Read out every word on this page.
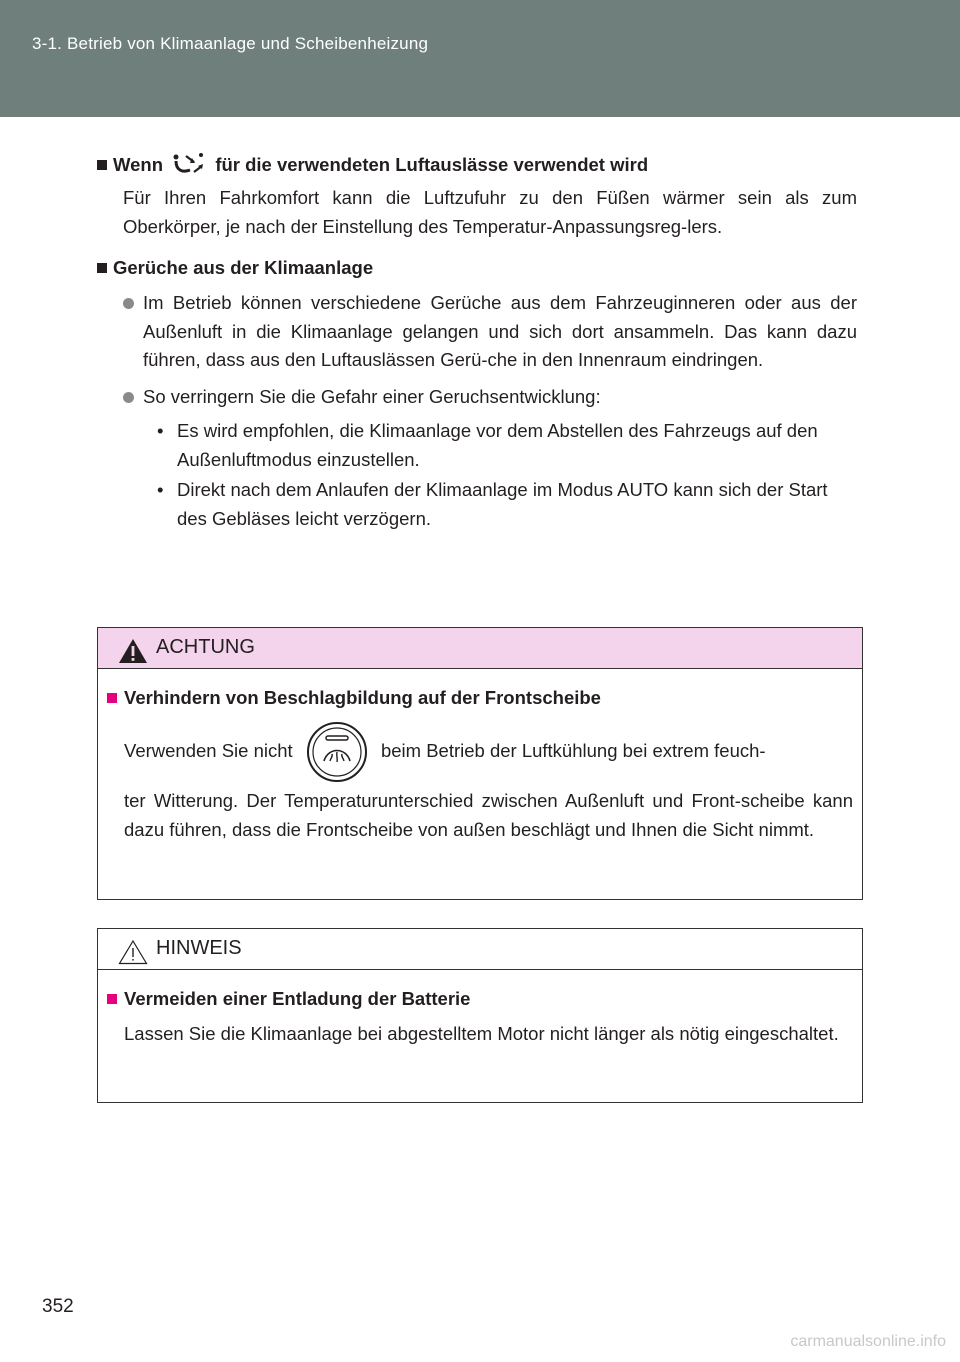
3-1. Betrieb von Klimaanlage und Scheibenheizung

Wenn	für die verwendeten Luftauslässe verwendet wird

Für Ihren Fahrkomfort kann die Luftzufuhr zu den Füßen wärmer sein als zum Oberkörper, je nach der Einstellung des Temperatur-Anpassungsreg-lers.

Gerüche aus der Klimaanlage

Im Betrieb können verschiedene Gerüche aus dem Fahrzeuginneren oder aus der Außenluft in die Klimaanlage gelangen und sich dort ansammeln. Das kann dazu führen, dass aus den Luftauslässen Gerü-che in den Innenraum eindringen.
So verringern Sie die Gefahr einer Geruchsentwicklung:
• Es wird empfohlen, die Klimaanlage vor dem Abstellen des Fahrzeugs auf den Außenluftmodus einzustellen.
• Direkt nach dem Anlaufen der Klimaanlage im Modus AUTO kann sich der Start des Gebläses leicht verzögern.
ACHTUNG

Verhindern von Beschlagbildung auf der Frontscheibe

Verwenden Sie nicht	beim Betrieb der Luftkühlung bei extrem feuch-

ter Witterung. Der Temperaturunterschied zwischen Außenluft und Front-scheibe kann dazu führen, dass die Frontscheibe von außen beschlägt und Ihnen die Sicht nimmt.

HINWEIS

Vermeiden einer Entladung der Batterie

Lassen Sie die Klimaanlage bei abgestelltem Motor nicht länger als nötig eingeschaltet.

352
carmanualsonline.info
